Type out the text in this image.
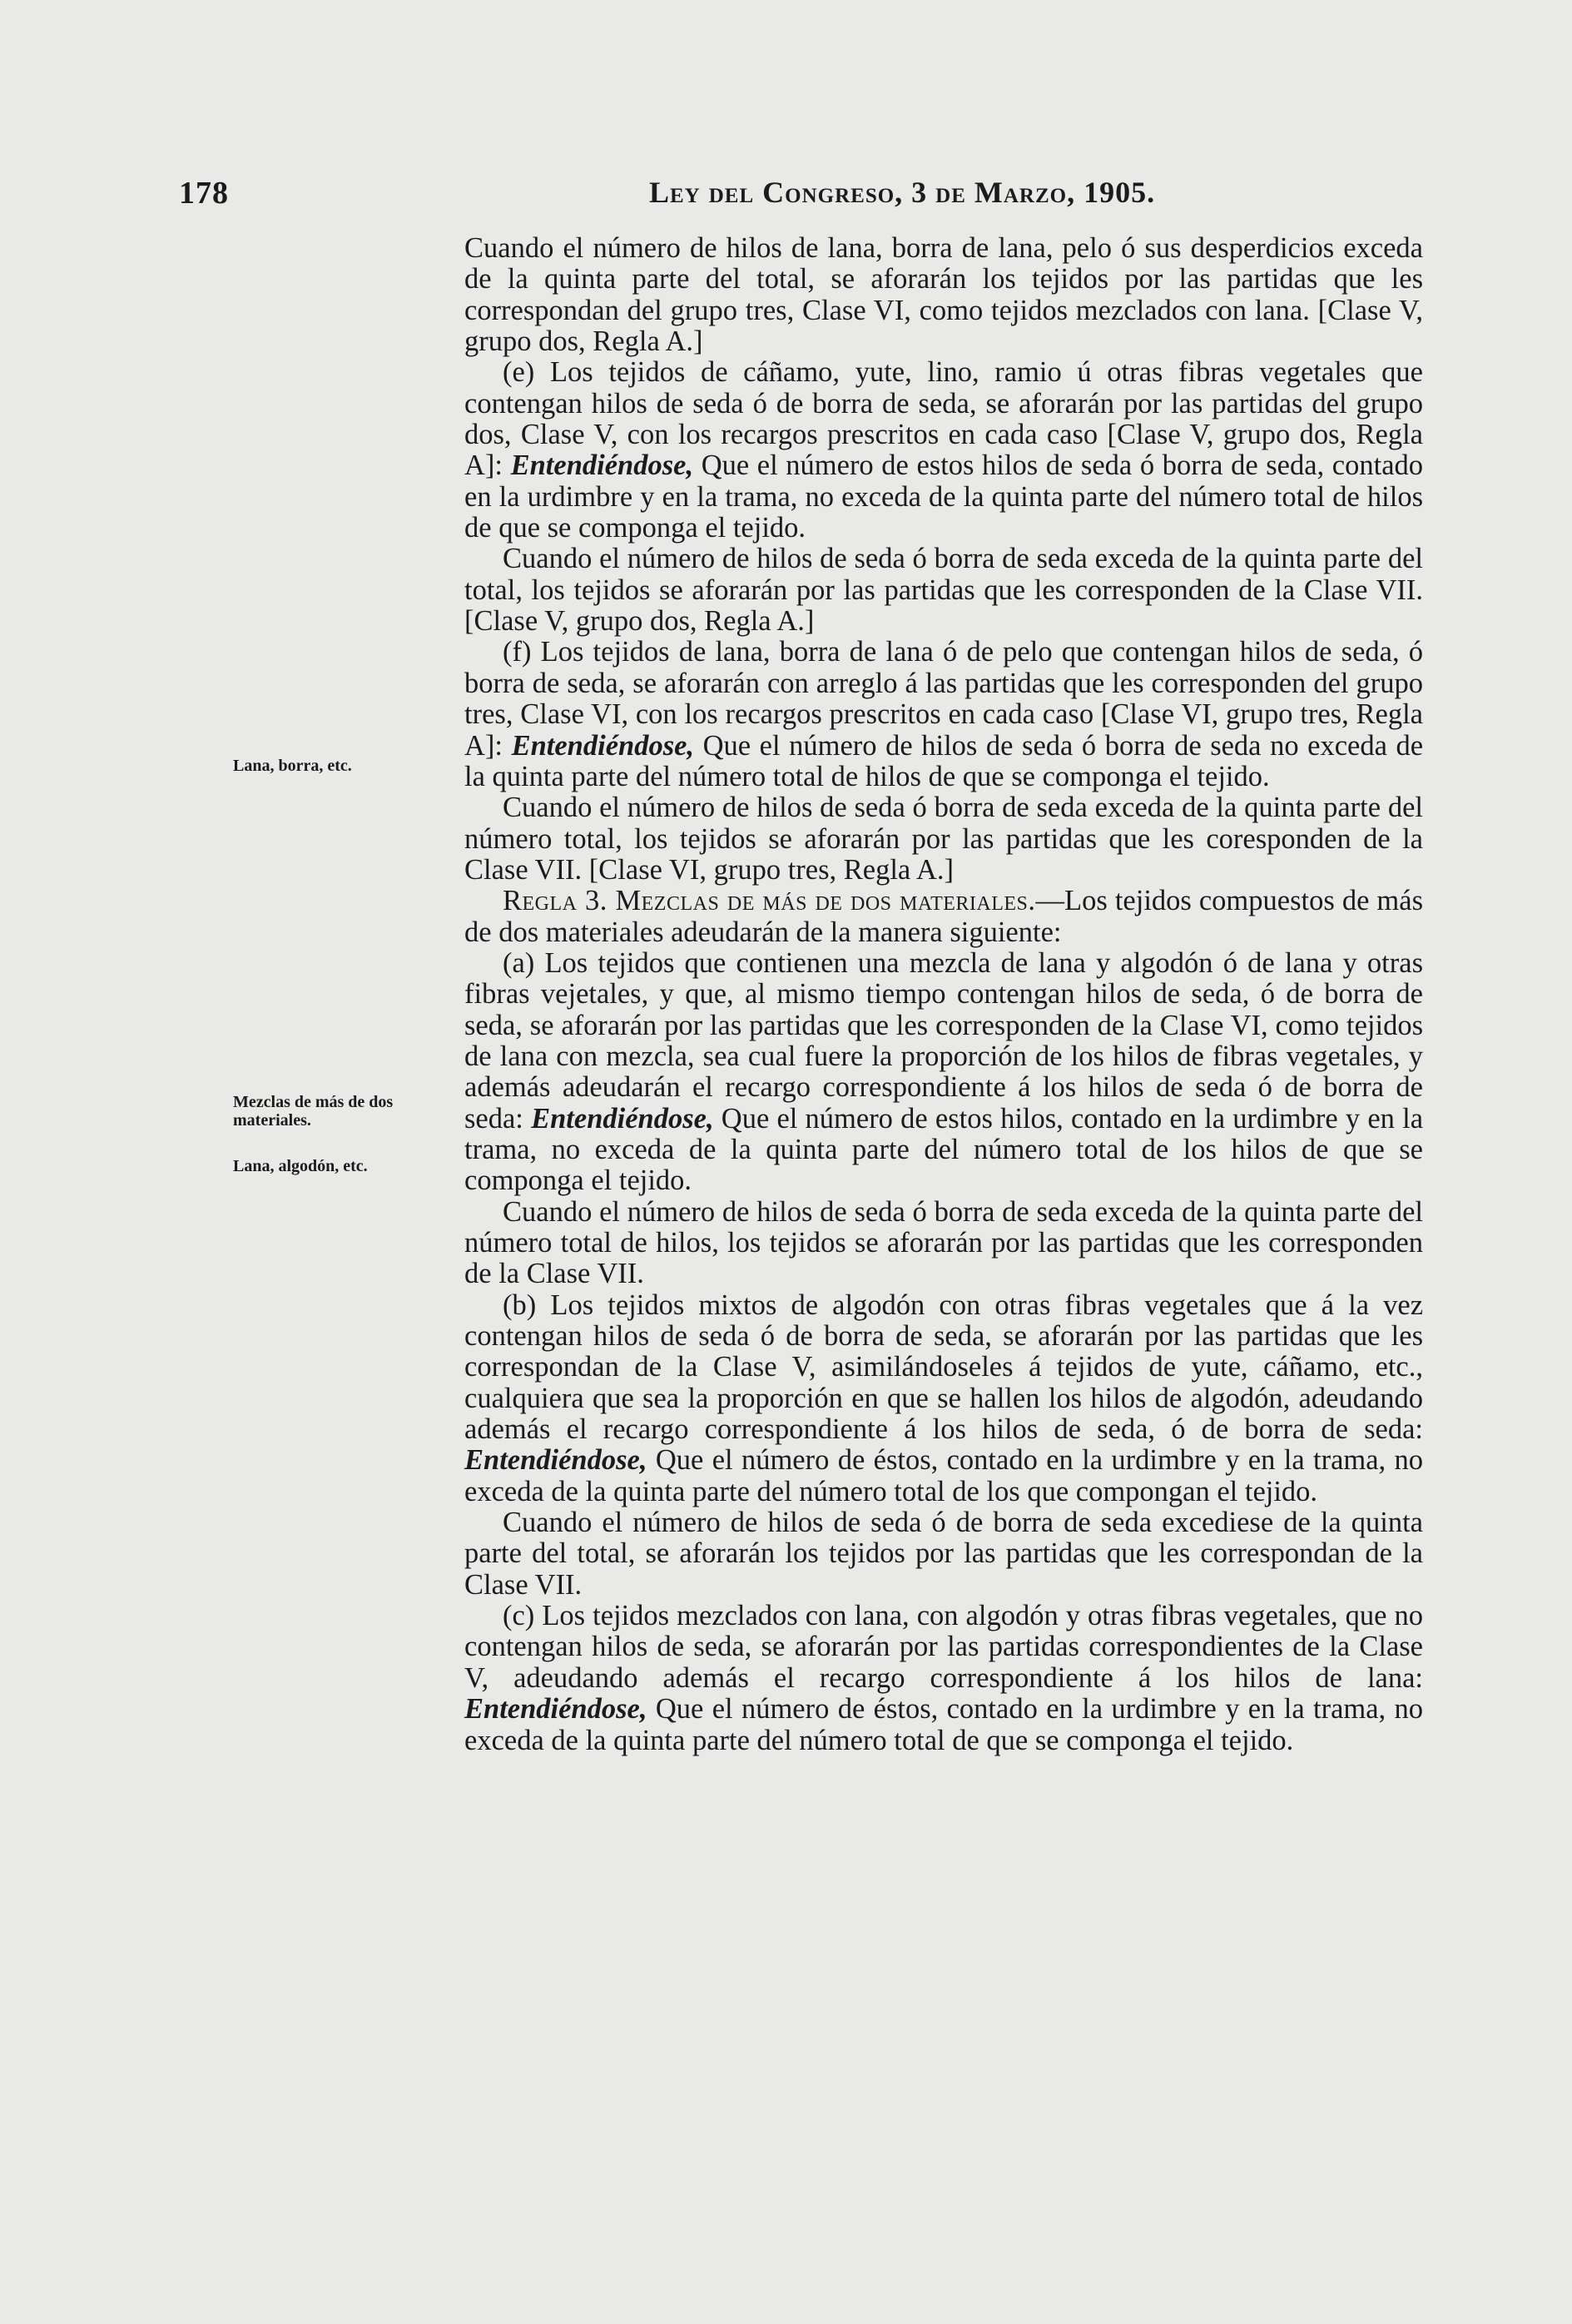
178	Ley del Congreso, 3 de Marzo, 1905.
Lana, borra, etc.
Mezclas de más de dos materiales.
Lana, algodón, etc.

Cuando el número de hilos de lana, borra de lana, pelo ó sus desperdicios exceda de la quinta parte del total, se aforarán los tejidos por las partidas que les correspondan del grupo tres, Clase VI, como tejidos mezclados con lana. [Clase V, grupo dos, Regla A.]

(e) Los tejidos de cáñamo, yute, lino, ramio ú otras fibras vegetales que contengan hilos de seda ó de borra de seda, se aforarán por las partidas del grupo dos, Clase V, con los recargos prescritos en cada caso [Clase V, grupo dos, Regla A]: Entendiéndose, Que el número de estos hilos de seda ó borra de seda, contado en la urdimbre y en la trama, no exceda de la quinta parte del número total de hilos de que se componga el tejido.

Cuando el número de hilos de seda ó borra de seda exceda de la quinta parte del total, los tejidos se aforarán por las partidas que les corresponden de la Clase VII. [Clase V, grupo dos, Regla A.]

(f) Los tejidos de lana, borra de lana ó de pelo que contengan hilos de seda, ó borra de seda, se aforarán con arreglo á las partidas que les corresponden del grupo tres, Clase VI, con los recargos prescritos en cada caso [Clase VI, grupo tres, Regla A]: Entendiéndose, Que el número de hilos de seda ó borra de seda no exceda de la quinta parte del número total de hilos de que se componga el tejido.

Cuando el número de hilos de seda ó borra de seda exceda de la quinta parte del número total, los tejidos se aforarán por las partidas que les coresponden de la Clase VII. [Clase VI, grupo tres, Regla A.]

Regla 3. Mezclas de más de dos materiales.—Los tejidos compuestos de más de dos materiales adeudarán de la manera siguiente:

(a) Los tejidos que contienen una mezcla de lana y algodón ó de lana y otras fibras vejetales, y que, al mismo tiempo contengan hilos de seda, ó de borra de seda, se aforarán por las partidas que les corresponden de la Clase VI, como tejidos de lana con mezcla, sea cual fuere la proporción de los hilos de fibras vegetales, y además adeudarán el recargo correspondiente á los hilos de seda ó de borra de seda: Entendiéndose, Que el número de estos hilos, contado en la urdimbre y en la trama, no exceda de la quinta parte del número total de los hilos de que se componga el tejido.

Cuando el número de hilos de seda ó borra de seda exceda de la quinta parte del número total de hilos, los tejidos se aforarán por las partidas que les corresponden de la Clase VII.

(b) Los tejidos mixtos de algodón con otras fibras vegetales que á la vez contengan hilos de seda ó de borra de seda, se aforarán por las partidas que les correspondan de la Clase V, asimilándoseles á tejidos de yute, cáñamo, etc., cualquiera que sea la proporción en que se hallen los hilos de algodón, adeudando además el recargo correspondiente á los hilos de seda, ó de borra de seda: Entendiéndose, Que el número de éstos, contado en la urdimbre y en la trama, no exceda de la quinta parte del número total de los que compongan el tejido.

Cuando el número de hilos de seda ó de borra de seda excediese de la quinta parte del total, se aforarán los tejidos por las partidas que les correspondan de la Clase VII.

(c) Los tejidos mezclados con lana, con algodón y otras fibras vegetales, que no contengan hilos de seda, se aforarán por las partidas correspondientes de la Clase V, adeudando además el recargo correspondiente á los hilos de lana: Entendiéndose, Que el número de éstos, contado en la urdimbre y en la trama, no exceda de la quinta parte del número total de que se componga el tejido.
